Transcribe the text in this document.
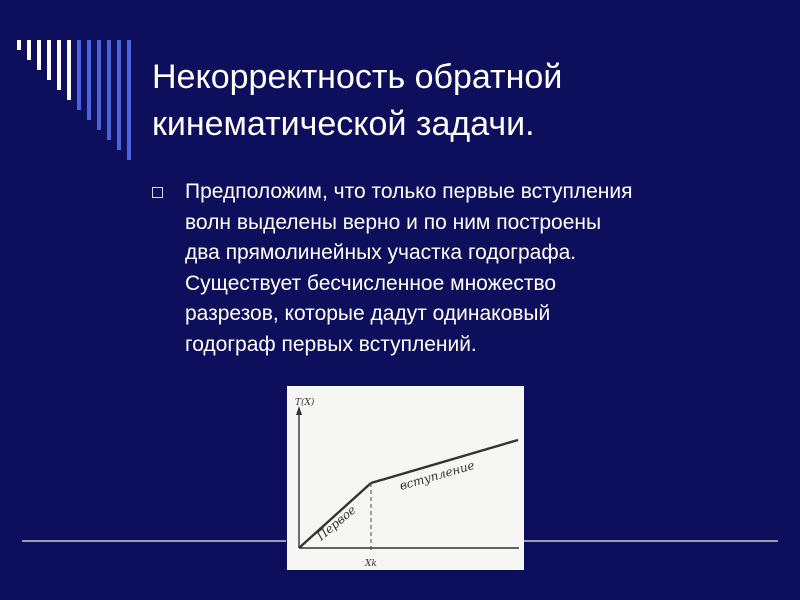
Некорректность обратной
кинематической задачи.
Предположим, что только первые вступления
волн выделены верно и по ним построены
два прямолинейных участка годографа.
Существует бесчисленное множество
разрезов, которые дадут одинаковый
годограф первых вступлений.
T(X)
Xk
Первое
вступление
